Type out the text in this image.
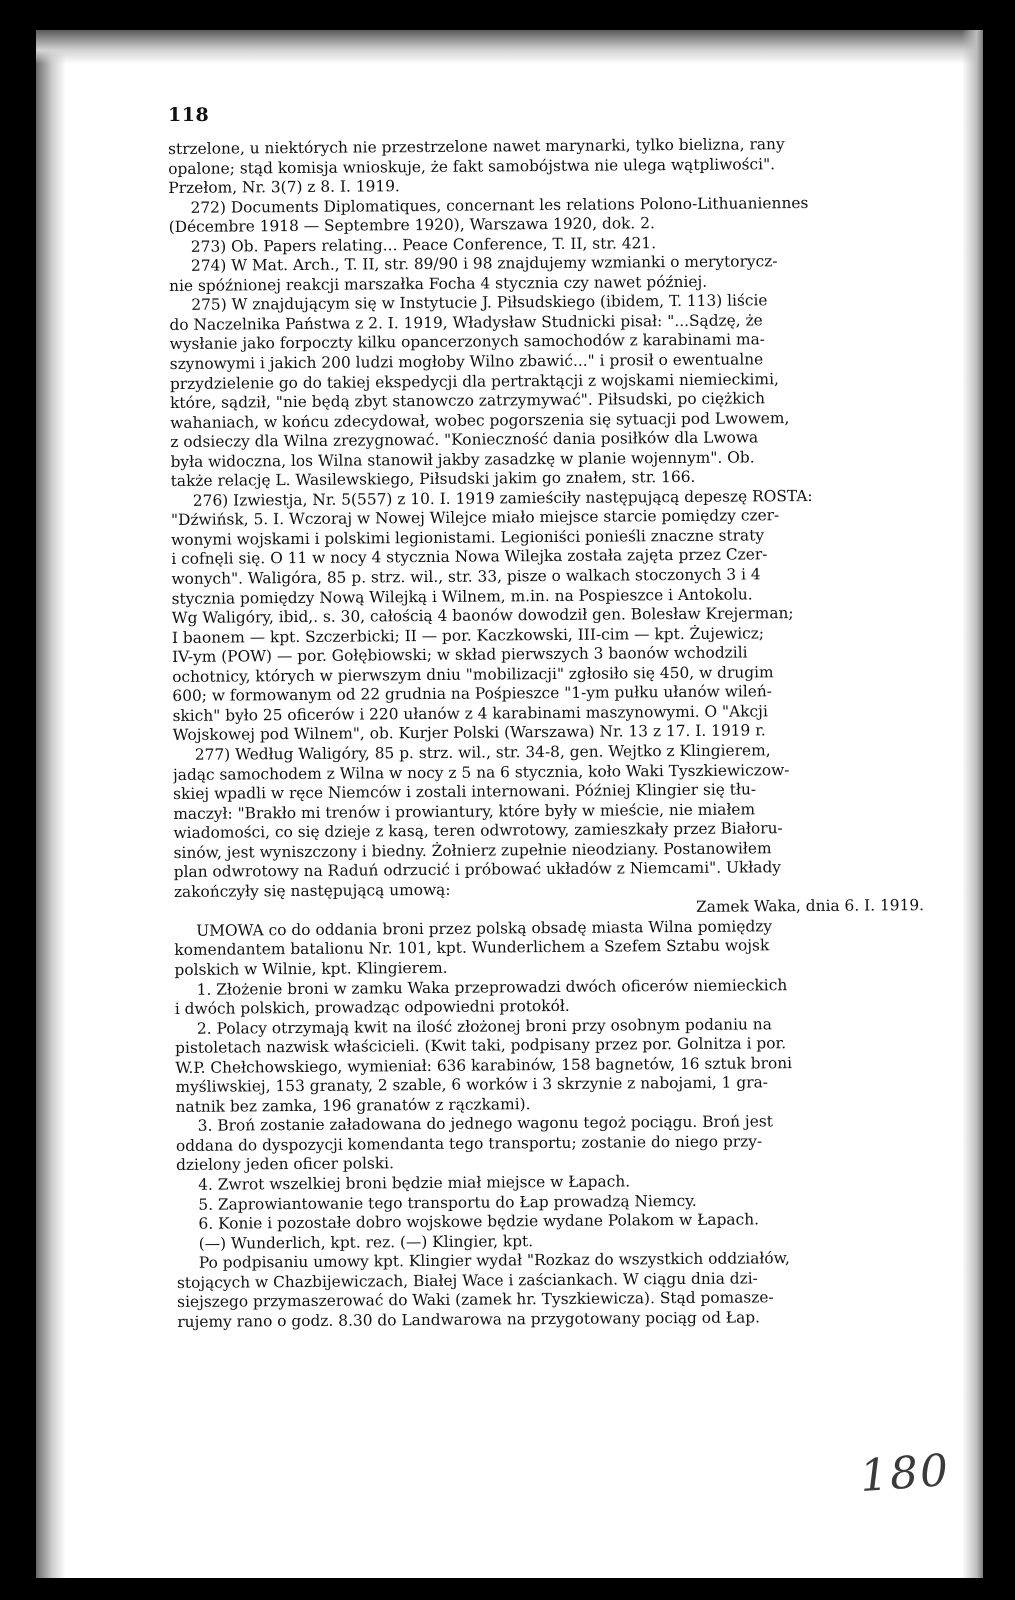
118
strzelone, u niektórych nie przestrzelone nawet marynarki, tylko bielizna, rany
opalone; stąd komisja wnioskuje, że fakt samobójstwa nie ulega wątpliwości".
Przełom, Nr. 3(7) z 8. I. 1919.
272) Documents Diplomatiques, concernant les relations Polono-Lithuaniennes
(Décembre 1918 — Septembre 1920), Warszawa 1920, dok. 2.
273) Ob. Papers relating... Peace Conference, T. II, str. 421.
274) W Mat. Arch., T. II, str. 89/90 i 98 znajdujemy wzmianki o merytorycz-
nie spóźnionej reakcji marszałka Focha 4 stycznia czy nawet później.
275) W znajdującym się w Instytucie J. Piłsudskiego (ibidem, T. 113) liście
do Naczelnika Państwa z 2. I. 1919, Władysław Studnicki pisał: "...Sądzę, że
wysłanie jako forpoczty kilku opancerzonych samochodów z karabinami ma-
szynowymi i jakich 200 ludzi mogłoby Wilno zbawić..." i prosił o ewentualne
przydzielenie go do takiej ekspedycji dla pertraktącji z wojskami niemieckimi,
które, sądził, "nie będą zbyt stanowczo zatrzymywać". Piłsudski, po ciężkich
wahaniach, w końcu zdecydował, wobec pogorszenia się sytuacji pod Lwowem,
z odsieczy dla Wilna zrezygnować. "Konieczność dania posiłków dla Lwowa
była widoczna, los Wilna stanowił jakby zasadzkę w planie wojennym". Ob.
także relację L. Wasilewskiego, Piłsudski jakim go znałem, str. 166.
276) Izwiestja, Nr. 5(557) z 10. I. 1919 zamieściły następującą depeszę ROSTA:
"Dźwińsk, 5. I. Wczoraj w Nowej Wilejce miało miejsce starcie pomiędzy czer-
wonymi wojskami i polskimi legionistami. Legioniści ponieśli znaczne straty
i cofnęli się. O 11 w nocy 4 stycznia Nowa Wilejka została zajęta przez Czer-
wonych". Waligóra, 85 p. strz. wil., str. 33, pisze o walkach stoczonych 3 i 4
stycznia pomiędzy Nową Wilejką i Wilnem, m.in. na Pospieszce i Antokolu.
Wg Waligóry, ibid,. s. 30, całością 4 baonów dowodził gen. Bolesław Krejerman;
I baonem — kpt. Szczerbicki; II — por. Kaczkowski, III-cim — kpt. Żujewicz;
IV-ym (POW) — por. Gołębiowski; w skład pierwszych 3 baonów wchodzili
ochotnicy, których w pierwszym dniu "mobilizacji" zgłosiło się 450, w drugim
600; w formowanym od 22 grudnia na Pośpieszce "1-ym pułku ułanów wileń-
skich" było 25 oficerów i 220 ułanów z 4 karabinami maszynowymi. O "Akcji
Wojskowej pod Wilnem", ob. Kurjer Polski (Warszawa) Nr. 13 z 17. I. 1919 r.
277) Według Waligóry, 85 p. strz. wil., str. 34-8, gen. Wejtko z Klingierem,
jadąc samochodem z Wilna w nocy z 5 na 6 stycznia, koło Waki Tyszkiewiczow-
skiej wpadli w ręce Niemców i zostali internowani. Później Klingier się tłu-
maczył: "Brakło mi trenów i prowiantury, które były w mieście, nie miałem
wiadomości, co się dzieje z kasą, teren odwrotowy, zamieszkały przez Białoru-
sinów, jest wyniszczony i biedny. Żołnierz zupełnie nieodziany. Postanowiłem
plan odwrotowy na Raduń odrzucić i próbować układów z Niemcami". Układy
zakończyły się następującą umową:
Zamek Waka, dnia 6. I. 1919.
UMOWA co do oddania broni przez polską obsadę miasta Wilna pomiędzy
komendantem batalionu Nr. 101, kpt. Wunderlichem a Szefem Sztabu wojsk
polskich w Wilnie, kpt. Klingierem.
1. Złożenie broni w zamku Waka przeprowadzi dwóch oficerów niemieckich
i dwóch polskich, prowadząc odpowiedni protokół.
2. Polacy otrzymają kwit na ilość złożonej broni przy osobnym podaniu na
pistoletach nazwisk właścicieli. (Kwit taki, podpisany przez por. Golnitza i por.
W.P. Chełchowskiego, wymieniał: 636 karabinów, 158 bagnetów, 16 sztuk broni
myśliwskiej, 153 granaty, 2 szable, 6 worków i 3 skrzynie z nabojami, 1 gra-
natnik bez zamka, 196 granatów z rączkami).
3. Broń zostanie załadowana do jednego wagonu tegoż pociągu. Broń jest
oddana do dyspozycji komendanta tego transportu; zostanie do niego przy-
dzielony jeden oficer polski.
4. Zwrot wszelkiej broni będzie miał miejsce w Łapach.
5. Zaprowiantowanie tego transportu do Łap prowadzą Niemcy.
6. Konie i pozostałe dobro wojskowe będzie wydane Polakom w Łapach.
(—) Wunderlich, kpt. rez. (—) Klingier, kpt.
Po podpisaniu umowy kpt. Klingier wydał "Rozkaz do wszystkich oddziałów,
stojących w Chazbijewiczach, Białej Wace i zaściankach. W ciągu dnia dzi-
siejszego przymaszerować do Waki (zamek hr. Tyszkiewicza). Stąd pomasze-
rujemy rano o godz. 8.30 do Landwarowa na przygotowany pociąg od Łap.
180
